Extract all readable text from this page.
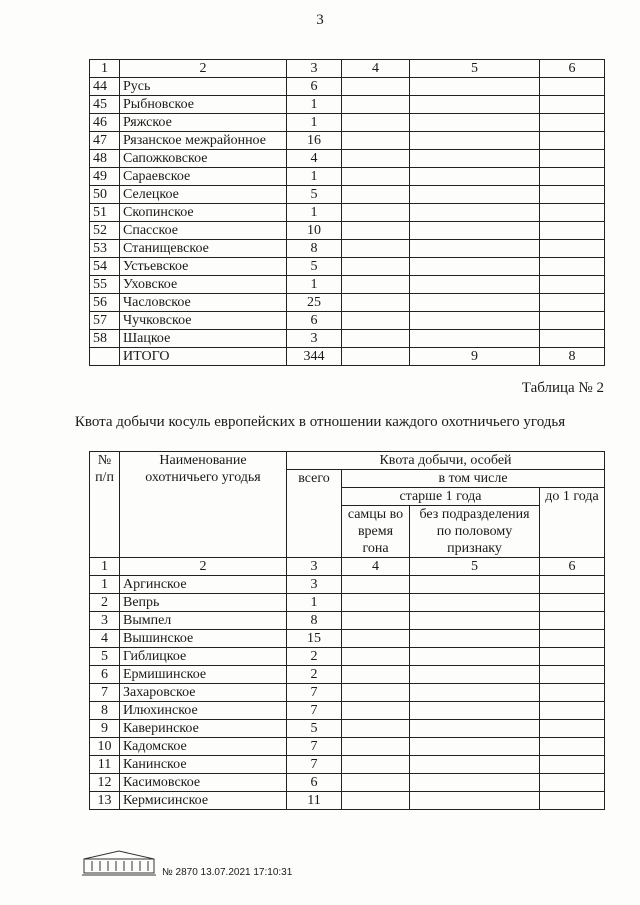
3
1	2	3	4	5	6
44	Русь	6			
45	Рыбновское	1			
46	Ряжское	1			
47	Рязанское межрайонное	16			
48	Сапожковское	4			
49	Сараевское	1			
50	Селецкое	5			
51	Скопинское	1			
52	Спасское	10			
53	Станищевское	8			
54	Устьевское	5			
55	Уховское	1			
56	Часловское	25			
57	Чучковское	6			
58	Шацкое	3			
	ИТОГО	344		9	8
Таблица № 2
Квота добычи косуль европейских в отношении каждого охотничьего угодья
№ п/п	Наименование охотничьего угодья	Квота добычи, особей			
		всего	в том числе		
			старше 1 года		до 1 года
			самцы во время гона	без подразделения по половому признаку	
1	2	3	4	5	6
1	Аргинское	3			
2	Вепрь	1			
3	Вымпел	8			
4	Вышинское	15			
5	Гиблицкое	2			
6	Ермишинское	2			
7	Захаровское	7			
8	Илюхинское	7			
9	Каверинское	5			
10	Кадомское	7			
11	Канинское	7			
12	Касимовское	6			
13	Кермисинское	11			
№ 2870 13.07.2021 17:10:31
